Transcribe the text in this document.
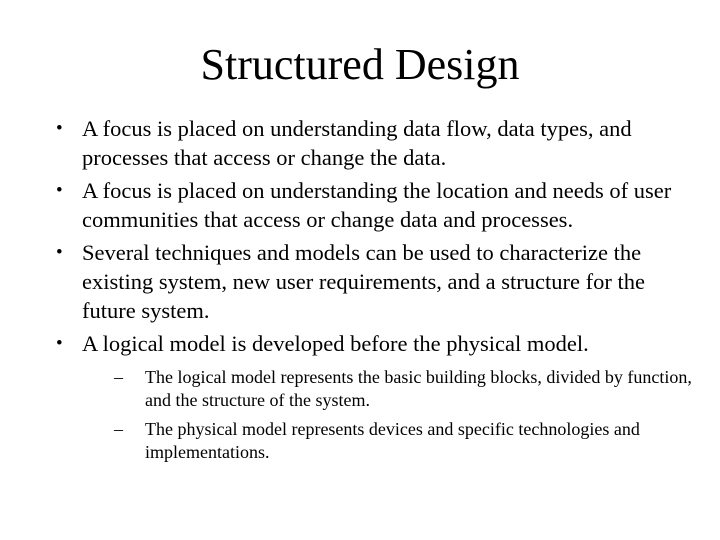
Structured Design
• A focus is placed on understanding data flow, data types, and processes that access or change the data.
• A focus is placed on understanding the location and needs of user communities that access or change data and processes.
• Several techniques and models can be used to characterize the existing system, new user requirements, and a structure for the future system.
• A logical model is developed before the physical model.
– The logical model represents the basic building blocks, divided by function, and the structure of the system.
– The physical model represents devices and specific technologies and implementations.
